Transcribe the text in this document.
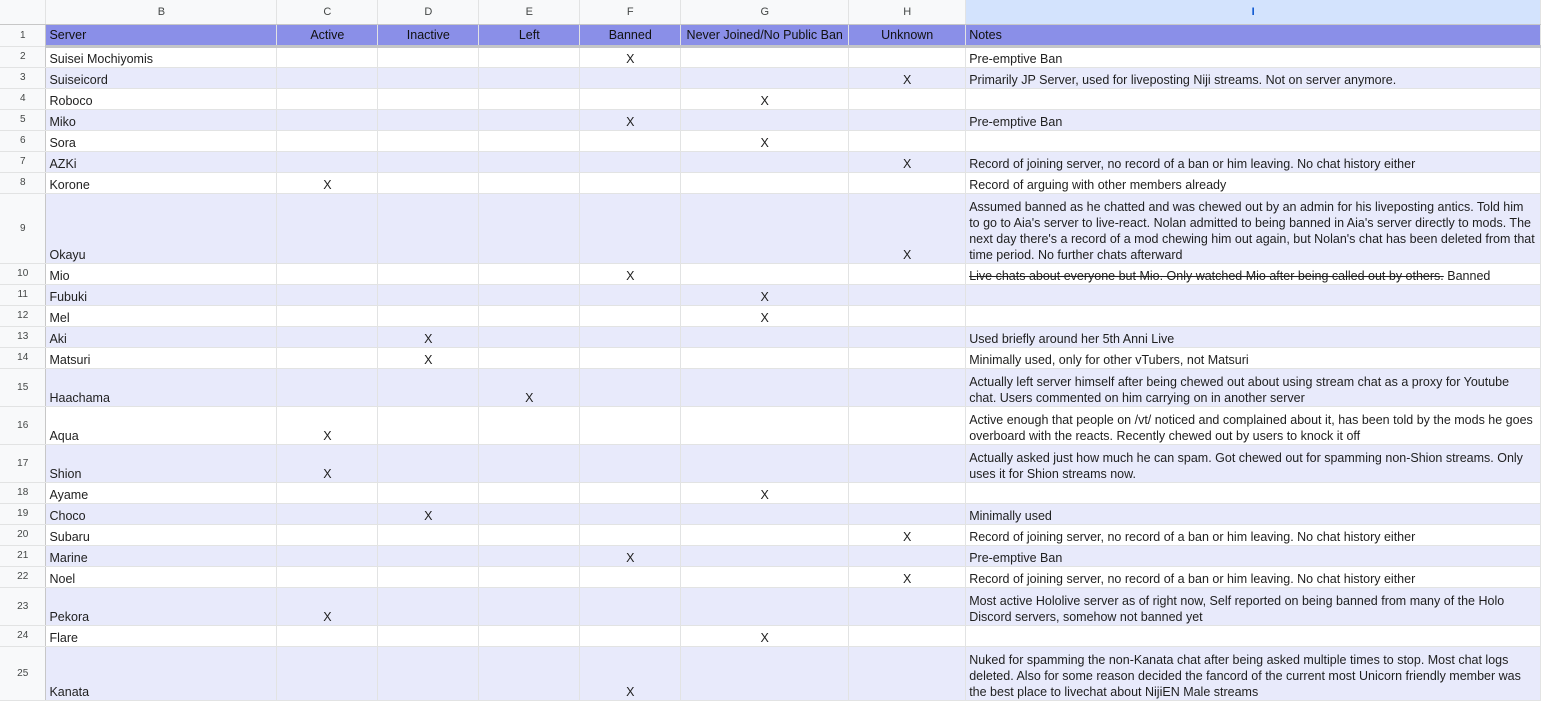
	B	C	D	E	F	G	H	I
1	Server	Active	Inactive	Left	Banned	Never Joined/No Public Ban	Unknown	Notes
2	Suisei Mochiyomis				X			Pre-emptive Ban
3	Suiseicord						X	Primarily JP Server, used for liveposting Niji streams. Not on server anymore.
4	Roboco					X		
5	Miko				X			Pre-emptive Ban
6	Sora					X		
7	AZKi						X	Record of joining server, no record of a ban or him leaving. No chat history either
8	Korone	X						Record of arguing with other members already
9	Okayu						X	Assumed banned as he chatted and was chewed out by an admin for his liveposting antics. Told him to go to Aia's server to live-react. Nolan admitted to being banned in Aia's server directly to mods. The next day there's a record of a mod chewing him out again, but Nolan's chat has been deleted from that time period. No further chats afterward
10	Mio				X			Live chats about everyone but Mio. Only watched Mio after being called out by others. Banned
11	Fubuki					X		
12	Mel					X		
13	Aki		X					Used briefly around her 5th Anni Live
14	Matsuri		X					Minimally used, only for other vTubers, not Matsuri
15	Haachama			X				Actually left server himself after being chewed out about using stream chat as a proxy for Youtube chat. Users commented on him carrying on in another server
16	Aqua	X						Active enough that people on /vt/ noticed and complained about it, has been told by the mods he goes overboard with the reacts. Recently chewed out by users to knock it off
17	Shion	X						Actually asked just how much he can spam. Got chewed out for spamming non-Shion streams. Only uses it for Shion streams now.
18	Ayame					X		
19	Choco		X					Minimally used
20	Subaru						X	Record of joining server, no record of a ban or him leaving. No chat history either
21	Marine				X			Pre-emptive Ban
22	Noel						X	Record of joining server, no record of a ban or him leaving. No chat history either
23	Pekora	X						Most active Hololive server as of right now, Self reported on being banned from many of the Holo Discord servers, somehow not banned yet
24	Flare					X		
25	Kanata				X			Nuked for spamming the non-Kanata chat after being asked multiple times to stop. Most chat logs deleted. Also for some reason decided the fancord of the current most Unicorn friendly member was the best place to livechat about NijiEN Male streams
